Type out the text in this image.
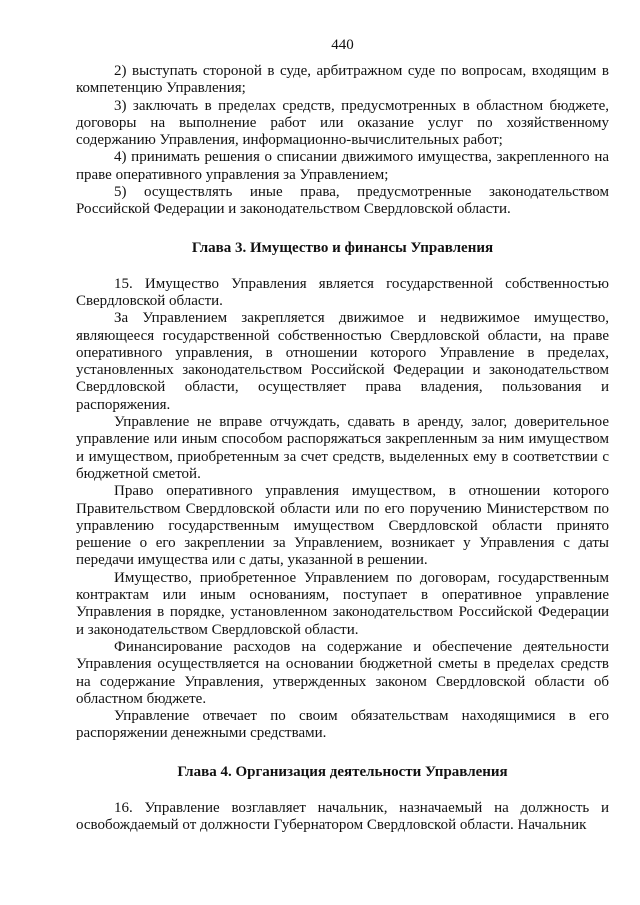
440

2) выступать стороной в суде, арбитражном суде по вопросам, входящим в компетенцию Управления;

3) заключать в пределах средств, предусмотренных в областном бюджете, договоры на выполнение работ или оказание услуг по хозяйственному содержанию Управления, информационно-вычислительных работ;

4) принимать решения о списании движимого имущества, закрепленного на праве оперативного управления за Управлением;

5) осуществлять иные права, предусмотренные законодательством Российской Федерации и законодательством Свердловской области.

Глава 3. Имущество и финансы Управления

15. Имущество Управления является государственной собственностью Свердловской области.

За Управлением закрепляется движимое и недвижимое имущество, являющееся государственной собственностью Свердловской области, на праве оперативного управления, в отношении которого Управление в пределах, установленных законодательством Российской Федерации и законодательством Свердловской области, осуществляет права владения, пользования и распоряжения.

Управление не вправе отчуждать, сдавать в аренду, залог, доверительное управление или иным способом распоряжаться закрепленным за ним имуществом и имуществом, приобретенным за счет средств, выделенных ему в соответствии с бюджетной сметой.

Право оперативного управления имуществом, в отношении которого Правительством Свердловской области или по его поручению Министерством по управлению государственным имуществом Свердловской области принято решение о его закреплении за Управлением, возникает у Управления с даты передачи имущества или с даты, указанной в решении.

Имущество, приобретенное Управлением по договорам, государственным контрактам или иным основаниям, поступает в оперативное управление Управления в порядке, установленном законодательством Российской Федерации и законодательством Свердловской области.

Финансирование расходов на содержание и обеспечение деятельности Управления осуществляется на основании бюджетной сметы в пределах средств на содержание Управления, утвержденных законом Свердловской области об областном бюджете.

Управление отвечает по своим обязательствам находящимися в его распоряжении денежными средствами.

Глава 4. Организация деятельности Управления

16. Управление возглавляет начальник, назначаемый на должность и освобождаемый от должности Губернатором Свердловской области. Начальник
